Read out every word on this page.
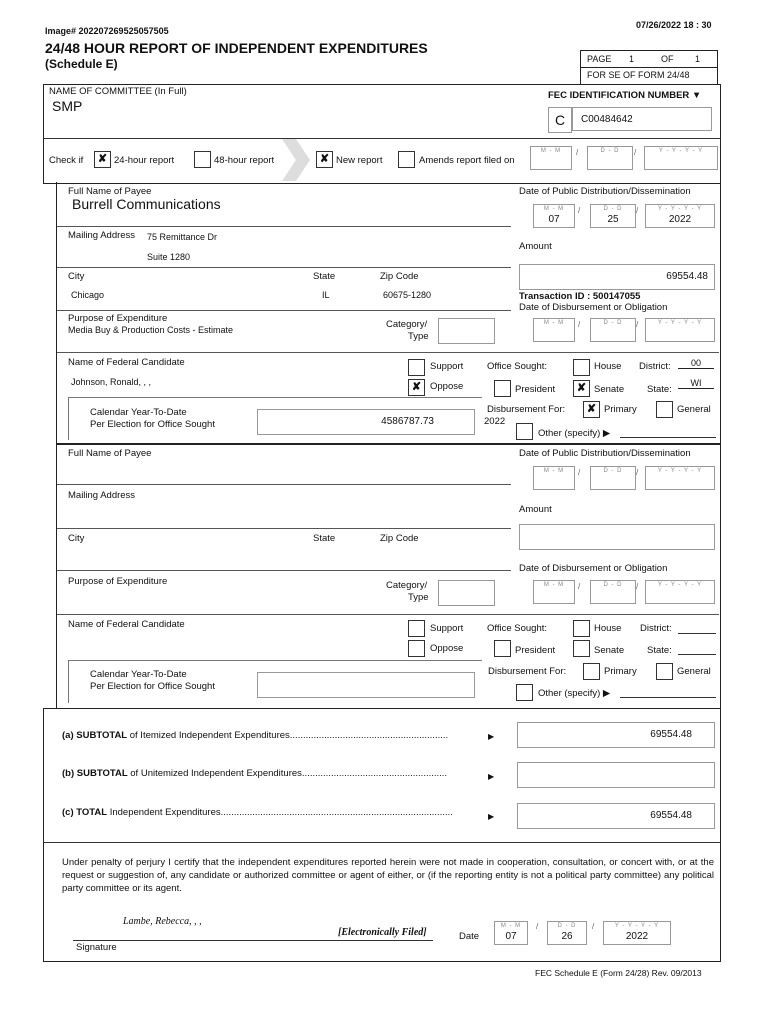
Image# 202207269525057505
07/26/2022 18 : 30
24/48 HOUR REPORT OF INDEPENDENT EXPENDITURES
(Schedule E)	PAGE 1	OF 1
FOR SE OF FORM 24/48
NAME OF COMMITTEE (In Full)
SMP
FEC IDENTIFICATION NUMBER ▼
C	C00484642
Check if	✘ 24-hour report	48-hour report	✘ New report	Amends report filed on
M - M	/	D - D	/	Y - Y - Y - Y
Full Name of Payee
Burrell Communications
Mailing Address 75 Remittance Dr
Suite 1280
City	State	Zip Code
Chicago	IL	60675-1280
Purpose of Expenditure
Media Buy & Production Costs - Estimate	Category/
Type
Date of Public Distribution/Dissemination
M - M
07
/	D - D
25
/	Y - Y - Y - Y
2022
Amount
69554.48
Transaction ID : 500147055
Date of Disbursement or Obligation
M - M	/	D - D	/	Y - Y - Y - Y
Name of Federal Candidate
Johnson, Ronald, , ,
Support
✘ Oppose
Office Sought:	House District:	00
President	✘ Senate State:
WI
Calendar Year-To-Date
Per Election for Office Sought	4586787.73
Disbursement For:
2022
✘ Primary	General
Other (specify) ▶
Full Name of Payee
Mailing Address
City	State	Zip Code
Purpose of Expenditure	Category/
Type
Date of Public Distribution/Dissemination
M - M	/	D - D	/	Y - Y - Y - Y
Amount
Date of Disbursement or Obligation
M - M	/	D - D	/	Y - Y - Y - Y
Name of Federal Candidate	Support
Oppose
Office Sought:	House District:
President	Senate State:
Calendar Year-To-Date
Per Election for Office Sought
Disbursement For:	Primary	General
Other (specify) ▶
(a) SUBTOTAL of Itemized Independent Expenditures............................................................	▶	69554.48
(b) SUBTOTAL of Unitemized Independent Expenditures.......................................................	▶
(c) TOTAL Independent Expenditures........................................................................................	▶	69554.48
Under penalty of perjury I certify that the independent expenditures reported herein were not made in cooperation, consultation, or concert with, or at the request or suggestion of, any candidate or authorized committee or agent of either, or (if the reporting entity is not a political party committee) any political party committee or its agent.
Lambe, Rebecca, , ,
[Electronically Filed]
Signature
Date
M - M
07
/	D - D
26
/	Y - Y - Y - Y
2022
FEC Schedule E (Form 24/28) Rev. 09/2013
